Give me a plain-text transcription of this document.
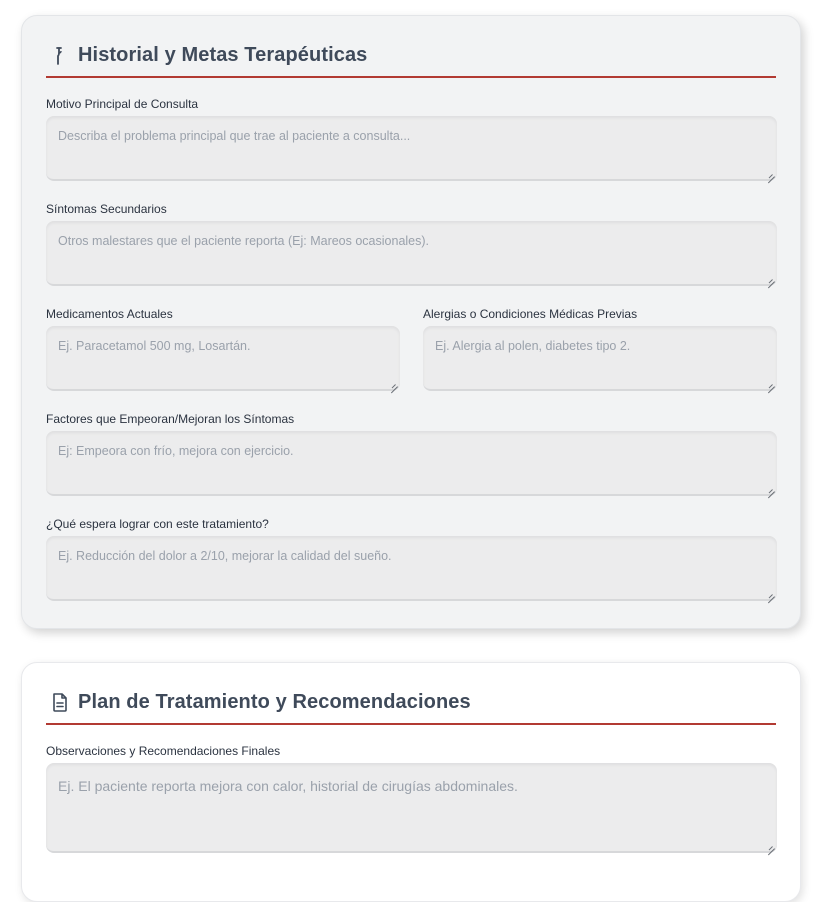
Historial y Metas Terapéuticas
Motivo Principal de Consulta
Describa el problema principal que trae al paciente a consulta...
Síntomas Secundarios
Otros malestares que el paciente reporta (Ej: Mareos ocasionales).
Medicamentos Actuales
Ej. Paracetamol 500 mg, Losartán.
Alergias o Condiciones Médicas Previas
Ej. Alergia al polen, diabetes tipo 2.
Factores que Empeoran/Mejoran los Síntomas
Ej: Empeora con frío, mejora con ejercicio.
¿Qué espera lograr con este tratamiento?
Ej. Reducción del dolor a 2/10, mejorar la calidad del sueño.
Plan de Tratamiento y Recomendaciones
Observaciones y Recomendaciones Finales
Ej. El paciente reporta mejora con calor, historial de cirugías abdominales.
